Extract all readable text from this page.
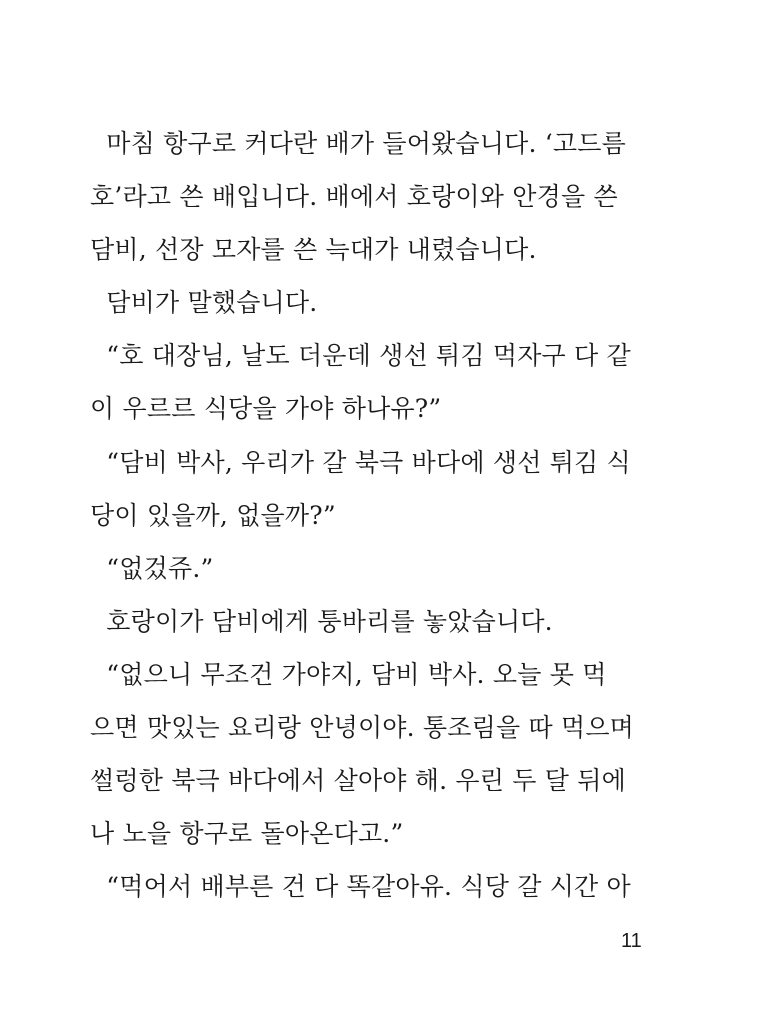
마침 항구로 커다란 배가 들어왔습니다. ‘고드름
호’라고 쓴 배입니다. 배에서 호랑이와 안경을 쓴
담비, 선장 모자를 쓴 늑대가 내렸습니다.
담비가 말했습니다.
“호 대장님, 날도 더운데 생선 튀김 먹자구 다 같
이 우르르 식당을 가야 하나유?”
“담비 박사, 우리가 갈 북극 바다에 생선 튀김 식
당이 있을까, 없을까?”
“없겄쥬.”
호랑이가 담비에게 퉁바리를 놓았습니다.
“없으니 무조건 가야지, 담비 박사. 오늘 못 먹
으면 맛있는 요리랑 안녕이야. 통조림을 따 먹으며
썰렁한 북극 바다에서 살아야 해. 우린 두 달 뒤에
나 노을 항구로 돌아온다고.”
“먹어서 배부른 건 다 똑같아유. 식당 갈 시간 아
11
